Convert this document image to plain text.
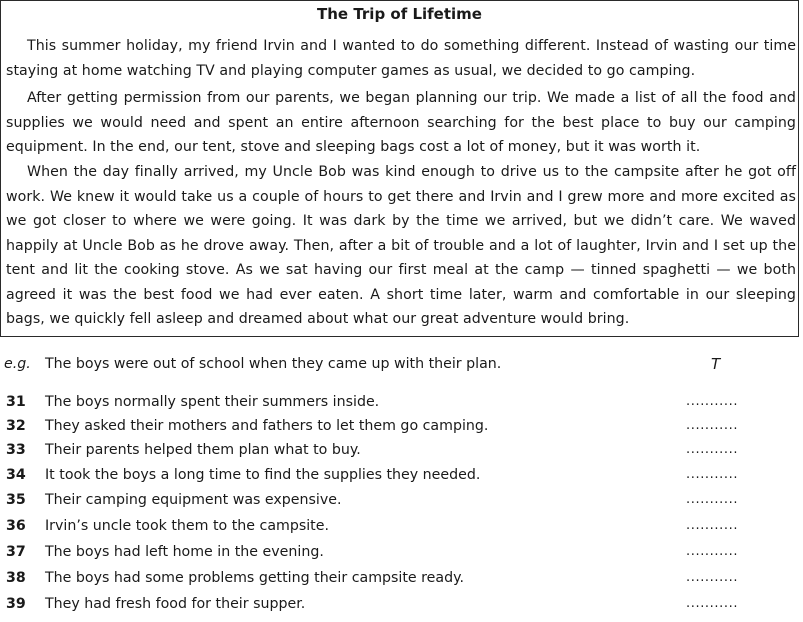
The Trip of Lifetime

This summer holiday, my friend Irvin and I wanted to do something different. Instead of wasting our time staying at home watching TV and playing computer games as usual, we decided to go camping.

After getting permission from our parents, we began planning our trip. We made a list of all the food and supplies we would need and spent an entire afternoon searching for the best place to buy our camping equipment. In the end, our tent, stove and sleeping bags cost a lot of money, but it was worth it.

When the day finally arrived, my Uncle Bob was kind enough to drive us to the campsite after he got off work. We knew it would take us a couple of hours to get there and Irvin and I grew more and more excited as we got closer to where we were going. It was dark by the time we arrived, but we didn’t care. We waved happily at Uncle Bob as he drove away. Then, after a bit of trouble and a lot of laughter, Irvin and I set up the tent and lit the cooking stove. As we sat having our first meal at the camp — tinned spaghetti — we both agreed it was the best food we had ever eaten. A short time later, warm and comfortable in our sleeping bags, we quickly fell asleep and dreamed about what our great adventure would bring.

e.g. The boys were out of school when they came up with their plan.	T
31 The boys normally spent their summers inside.	...........
32 They asked their mothers and fathers to let them go camping.	...........
33 Their parents helped them plan what to buy.	...........
34 It took the boys a long time to find the supplies they needed.	...........
35 Their camping equipment was expensive.	...........
36 Irvin’s uncle took them to the campsite.	...........
37 The boys had left home in the evening.	...........
38 The boys had some problems getting their campsite ready.	...........
39 They had fresh food for their supper.	...........
